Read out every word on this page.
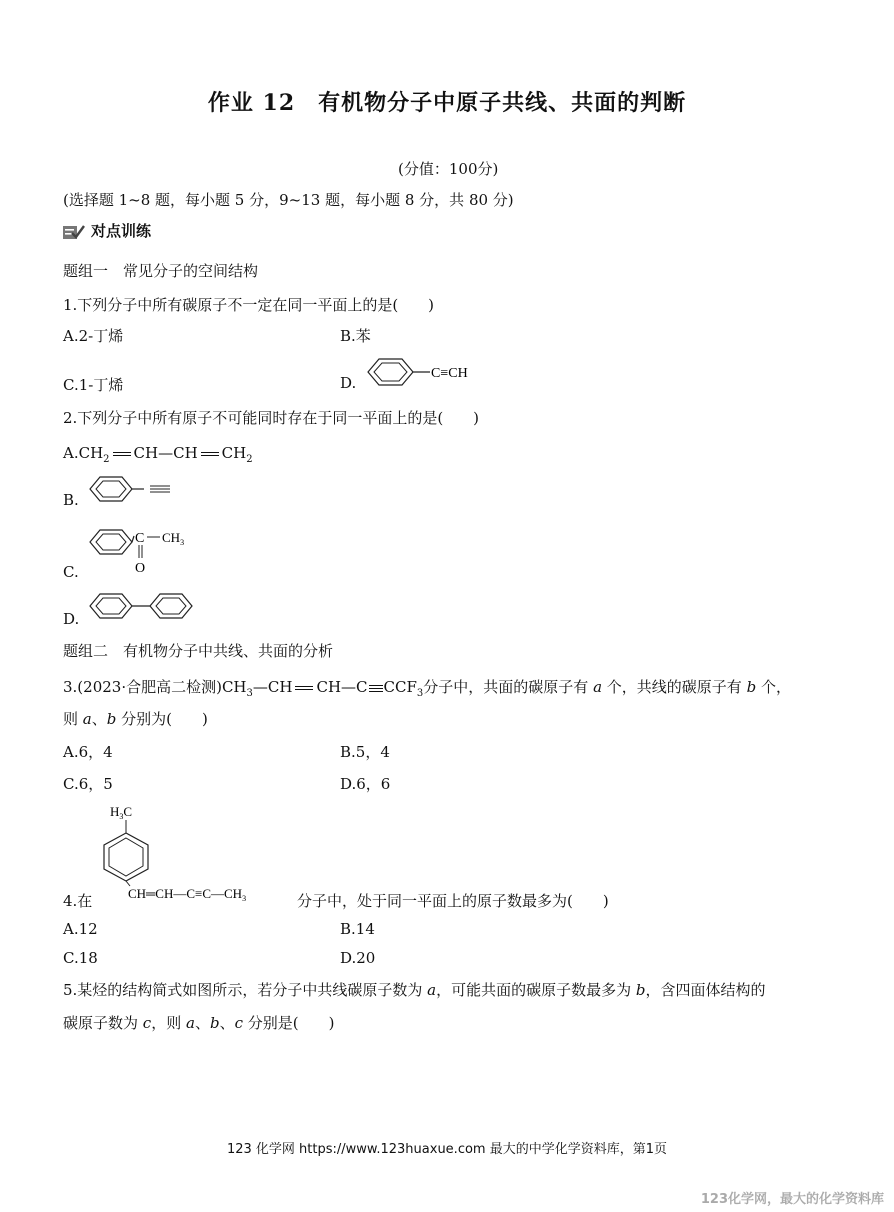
作业 12　有机物分子中原子共线、共面的判断
(分值：100分)
(选择题 1~8 题，每小题 5 分，9~13 题，每小题 8 分，共 80 分)
对点训练
题组一　常见分子的空间结构
1.下列分子中所有碳原子不一定在同一平面上的是(　　)
A.2-丁烯	B.苯
C.1-丁烯	D.
C≡CH
2.下列分子中所有原子不可能同时存在于同一平面上的是(　　)
$A.CH_2$ CH—CH $CH_2$
B.
C.
C $CH_3$
O
D.
题组二　有机物分子中共线、共面的分析
3.(2023·合肥高二检测)$CH_3—CH$ CH—C $CCF_3$分子中，共面的碳原子有 a 个，共线的碳原子有 b 个，
则 a、b 分别为(　　)
A.6，4	B.5，4
C.6，5	D.6，6
$H_3C$
$CH═CH—C\equiv C—CH_3$
4.在	分子中，处于同一平面上的原子数最多为(　　)
A.12	B.14
C.18	D.20
5.某烃的结构简式如图所示，若分子中共线碳原子数为 a，可能共面的碳原子数最多为 b，含四面体结构的
碳原子数为 c，则 a、b、c 分别是(　　)
123 化学网 https://www.123huaxue.com 最大的中学化学资料库，第1页
123化学网，最大的化学资料库
